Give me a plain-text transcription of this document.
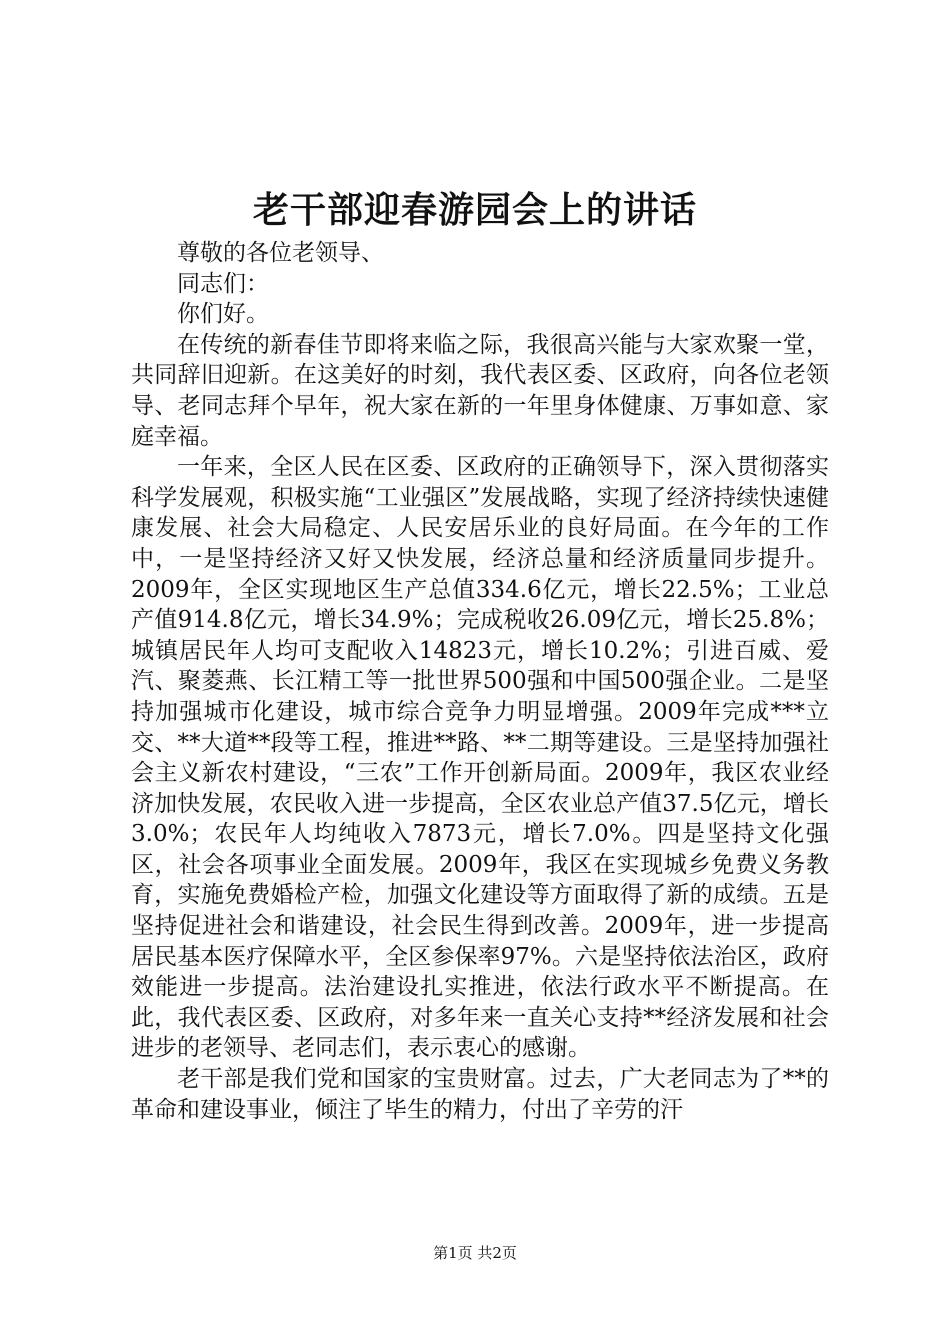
老干部迎春游园会上的讲话

尊敬的各位老领导、

同志们：

你们好。

在传统的新春佳节即将来临之际，我很高兴能与大家欢聚一堂，共同辞旧迎新。在这美好的时刻，我代表区委、区政府，向各位老领导、老同志拜个早年，祝大家在新的一年里身体健康、万事如意、家庭幸福。

一年来，全区人民在区委、区政府的正确领导下，深入贯彻落实科学发展观，积极实施“工业强区”发展战略，实现了经济持续快速健康发展、社会大局稳定、人民安居乐业的良好局面。在今年的工作中，一是坚持经济又好又快发展，经济总量和经济质量同步提升。2009年，全区实现地区生产总值334.6亿元，增长22.5%；工业总产值914.8亿元，增长34.9%；完成税收26.09亿元，增长25.8%；城镇居民年人均可支配收入14823元，增长10.2%；引进百威、爱汽、聚菱燕、长江精工等一批世界500强和中国500强企业。二是坚持加强城市化建设，城市综合竞争力明显增强。2009年完成***立交、**大道**段等工程，推进**路、**二期等建设。三是坚持加强社会主义新农村建设，“三农”工作开创新局面。2009年，我区农业经济加快发展，农民收入进一步提高，全区农业总产值37.5亿元，增长3.0%；农民年人均纯收入7873元，增长7.0%。四是坚持文化强区，社会各项事业全面发展。2009年，我区在实现城乡免费义务教育，实施免费婚检产检，加强文化建设等方面取得了新的成绩。五是坚持促进社会和谐建设，社会民生得到改善。2009年，进一步提高居民基本医疗保障水平，全区参保率97%。六是坚持依法治区，政府效能进一步提高。法治建设扎实推进，依法行政水平不断提高。在此，我代表区委、区政府，对多年来一直关心支持**经济发展和社会进步的老领导、老同志们，表示衷心的感谢。

老干部是我们党和国家的宝贵财富。过去，广大老同志为了**的革命和建设事业，倾注了毕生的精力，付出了辛劳的汗

第1页 共2页
